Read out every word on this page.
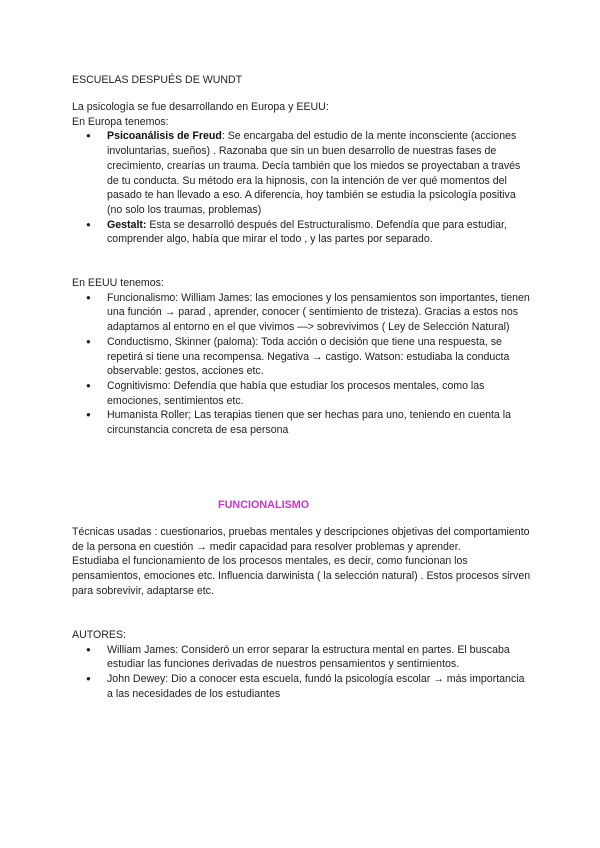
ESCUELAS DESPUÉS DE WUNDT

La psicología se fue desarrollando en Europa y EEUU:

En Europa tenemos:

● Psicoanálisis de Freud: Se encargaba del estudio de la mente inconsciente (acciones involuntarias, sueños) . Razonaba que sin un buen desarrollo de nuestras fases de crecimiento, crearías un trauma. Decía también que los miedos se proyectaban a través de tu conducta. Su método era la hipnosis, con la intención de ver qué momentos del pasado te han llevado a eso. A diferencia, hoy también se estudia la psicología positiva (no solo los traumas, problemas)
● Gestalt: Esta se desarrolló después del Estructuralismo. Defendía que para estudiar, comprender algo, había que mirar el todo , y las partes por separado.

En EEUU tenemos:

● Funcionalismo: William James: las emociones y los pensamientos son importantes, tienen una función → parad , aprender, conocer ( sentimiento de tristeza). Gracias a estos nos adaptamos al entorno en el que vivimos —> sobrevivimos ( Ley de Selección Natural)
● Conductismo, Skinner (paloma): Toda acción o decisión que tiene una respuesta, se repetirá si tiene una recompensa. Negativa → castigo. Watson: estudiaba la conducta observable: gestos, acciones etc.
● Cognitivismo: Defendía que había que estudiar los procesos mentales, como las emociones, sentimientos etc.
● Humanista Roller; Las terapias tienen que ser hechas para uno, teniendo en cuenta la circunstancia concreta de esa persona

FUNCIONALISMO

Técnicas usadas : cuestionarios, pruebas mentales y descripciones objetivas del comportamiento de la persona en cuestión → medir capacidad para resolver problemas y aprender.

Estudiaba el funcionamiento de los procesos mentales, es decir, como funcionan los pensamientos, emociones etc. Influencia darwinista ( la selección natural) . Estos procesos sirven para sobrevivir, adaptarse etc.

AUTORES:

● William James: Consideró un error separar la estructura mental en partes. El buscaba estudiar las funciones derivadas de nuestros pensamientos y sentimientos.
● John Dewey: Dio a conocer esta escuela, fundó la psicología escolar → más importancia a las necesidades de los estudiantes
